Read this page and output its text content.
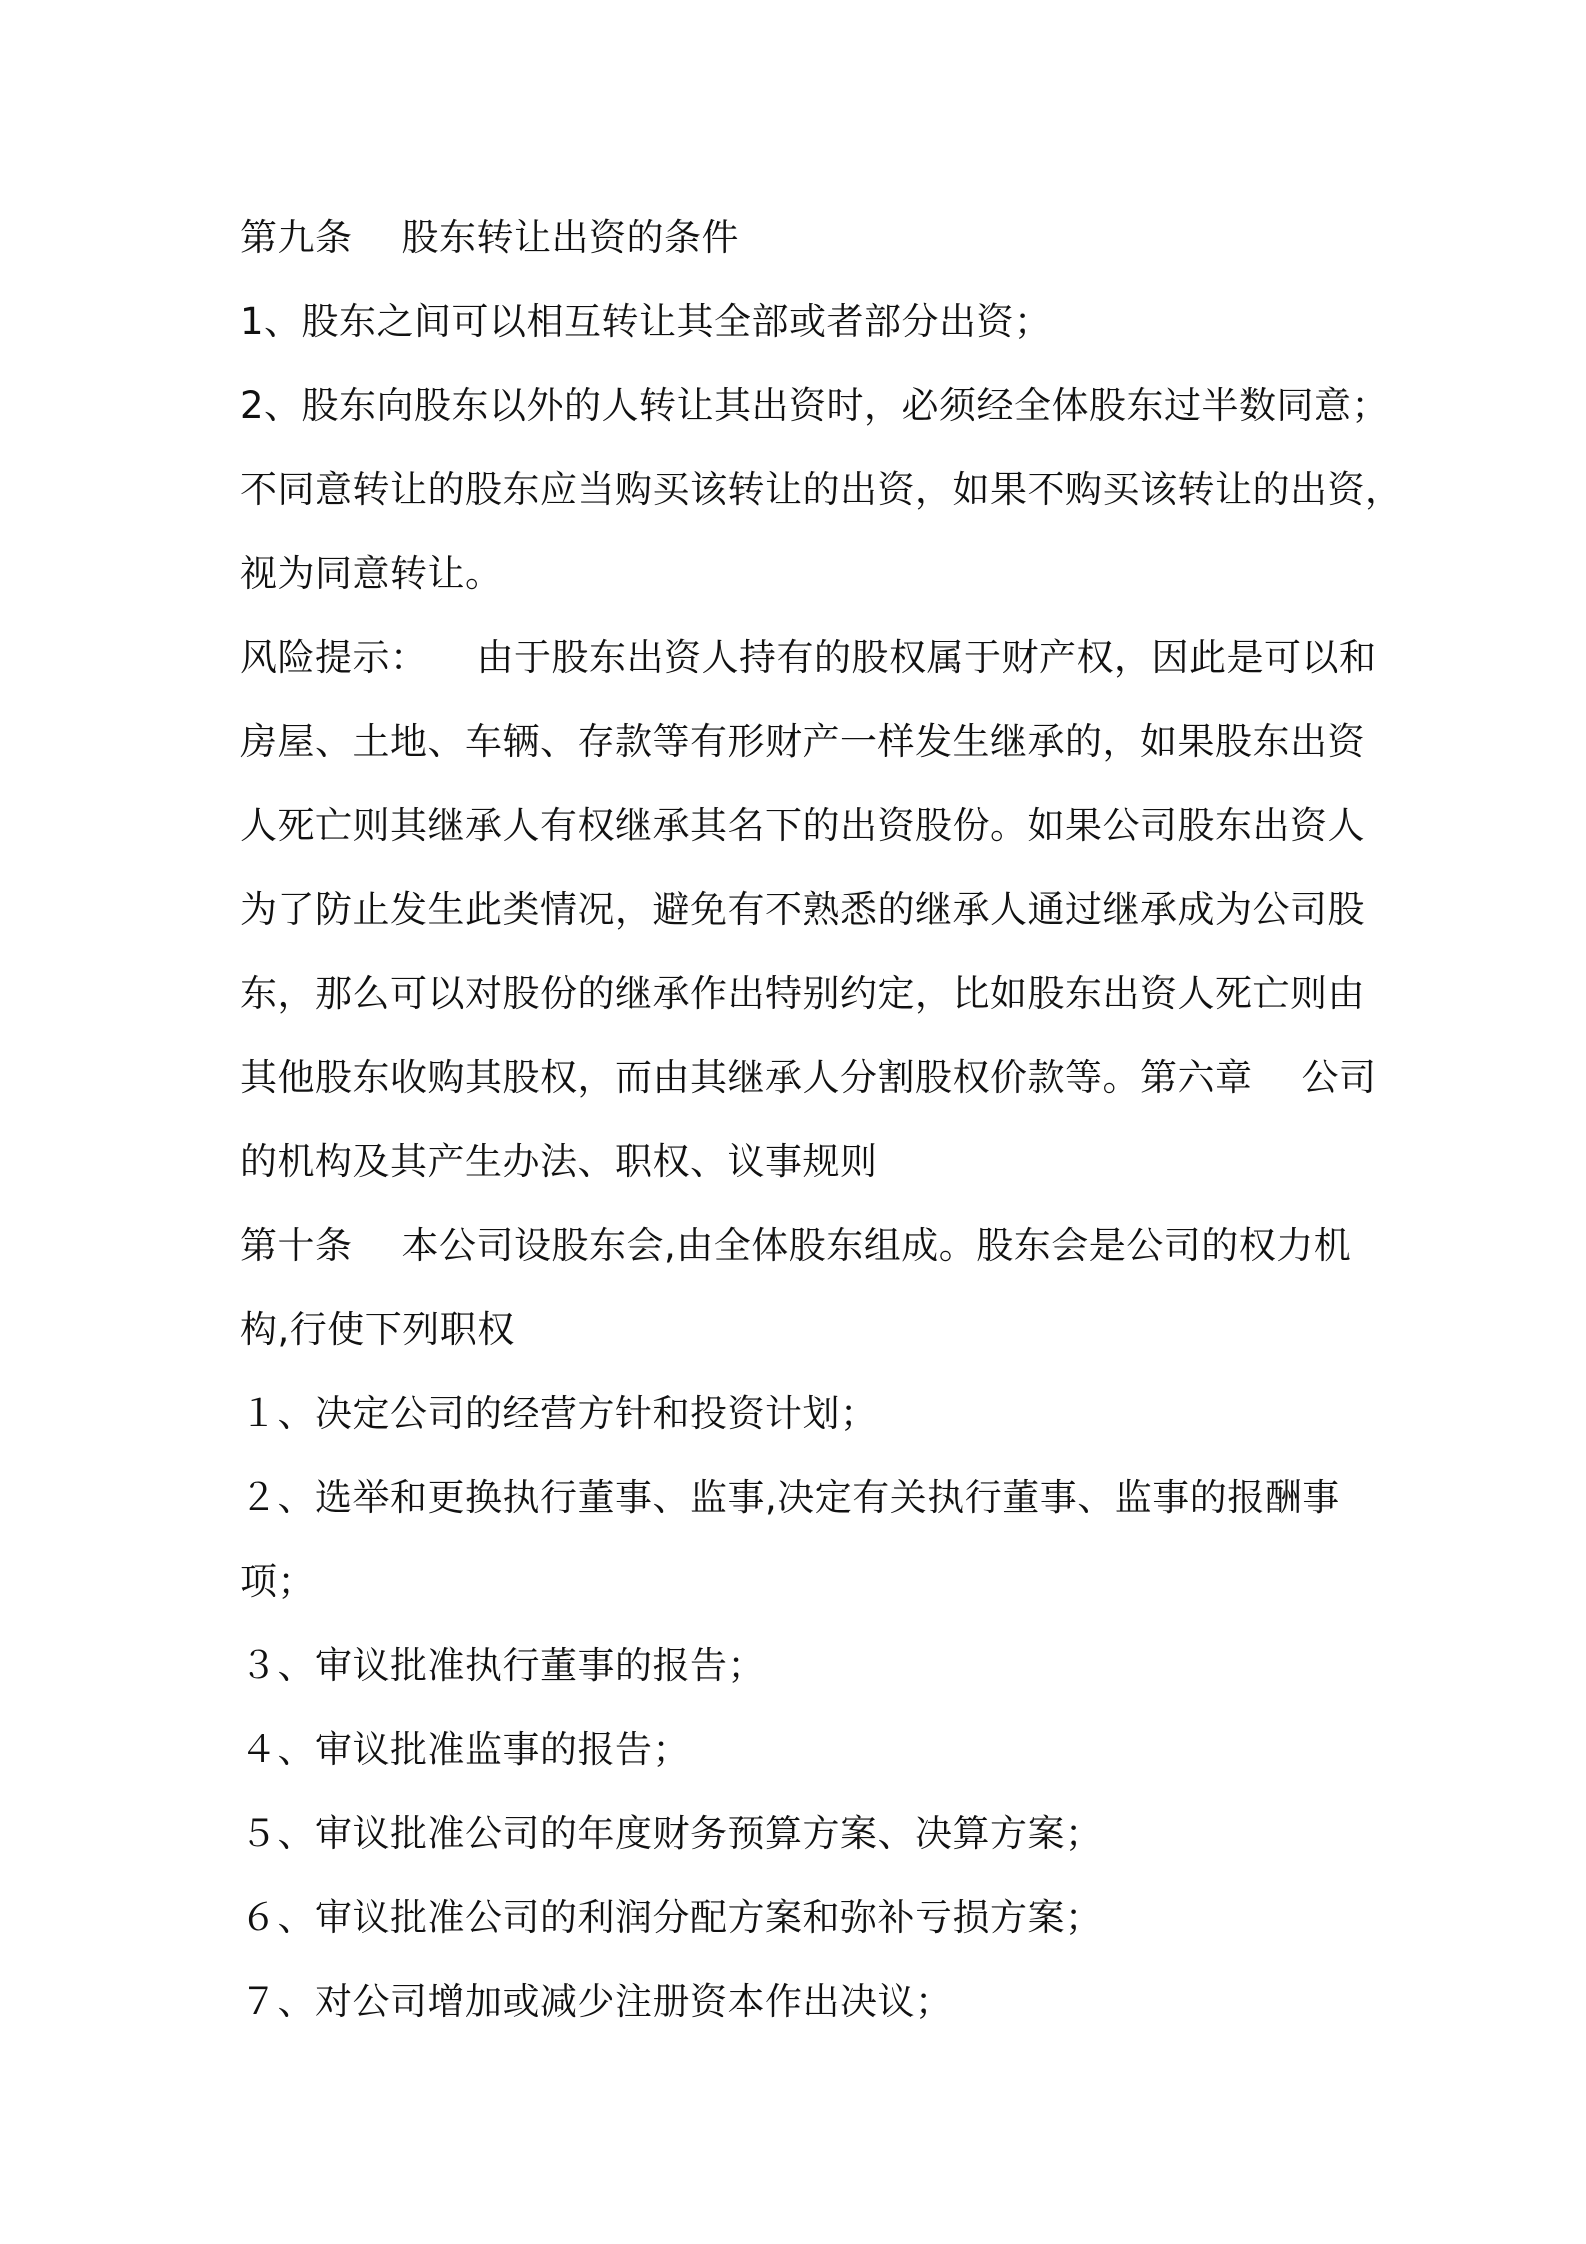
第九条    股东转让出资的条件
1、股东之间可以相互转让其全部或者部分出资；
2、股东向股东以外的人转让其出资时，必须经全体股东过半数同意；
不同意转让的股东应当购买该转让的出资，如果不购买该转让的出资，
视为同意转让。
风险提示：    由于股东出资人持有的股权属于财产权，因此是可以和
房屋、土地、车辆、存款等有形财产一样发生继承的，如果股东出资
人死亡则其继承人有权继承其名下的出资股份。如果公司股东出资人
为了防止发生此类情况，避免有不熟悉的继承人通过继承成为公司股
东，那么可以对股份的继承作出特别约定，比如股东出资人死亡则由
其他股东收购其股权，而由其继承人分割股权价款等。第六章    公司
的机构及其产生办法、职权、议事规则
第十条    本公司设股东会,由全体股东组成。股东会是公司的权力机
构,行使下列职权
１、决定公司的经营方针和投资计划；
２、选举和更换执行董事、监事,决定有关执行董事、监事的报酬事
项；
３、审议批准执行董事的报告；
４、审议批准监事的报告；
５、审议批准公司的年度财务预算方案、决算方案；
６、审议批准公司的利润分配方案和弥补亏损方案；
７、对公司增加或减少注册资本作出决议；
